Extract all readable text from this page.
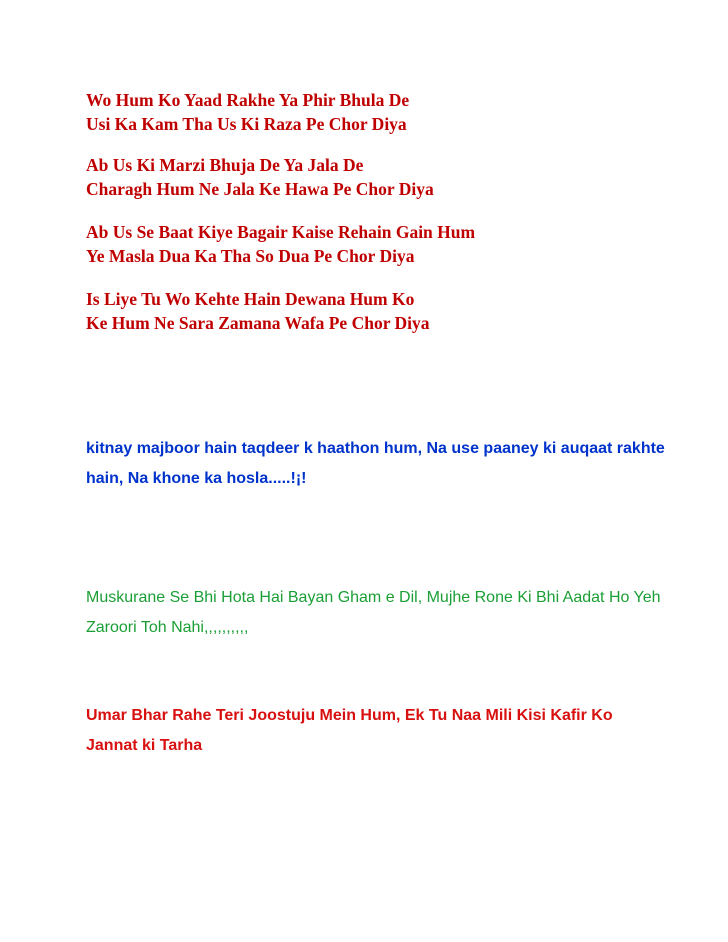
Wo Hum Ko Yaad Rakhe Ya Phir Bhula De
Usi Ka Kam Tha Us Ki Raza Pe Chor Diya

Ab Us Ki Marzi Bhuja De Ya Jala De
Charagh Hum Ne Jala Ke Hawa Pe Chor Diya

Ab Us Se Baat Kiye Bagair Kaise Rehain Gain Hum
Ye Masla Dua Ka Tha So Dua Pe Chor Diya

Is Liye Tu Wo Kehte Hain Dewana Hum Ko
Ke Hum Ne Sara Zamana Wafa Pe Chor Diya

kitnay majboor hain taqdeer k haathon hum, Na use paaney ki auqaat rakhte hain, Na khone ka hosla.....!¡!

Muskurane Se Bhi Hota Hai Bayan Gham e Dil, Mujhe Rone Ki Bhi Aadat Ho Yeh Zaroori Toh Nahi,,,,,,,,,,

Umar Bhar Rahe Teri Joostuju Mein Hum, Ek Tu Naa Mili Kisi Kafir Ko Jannat ki Tarha
